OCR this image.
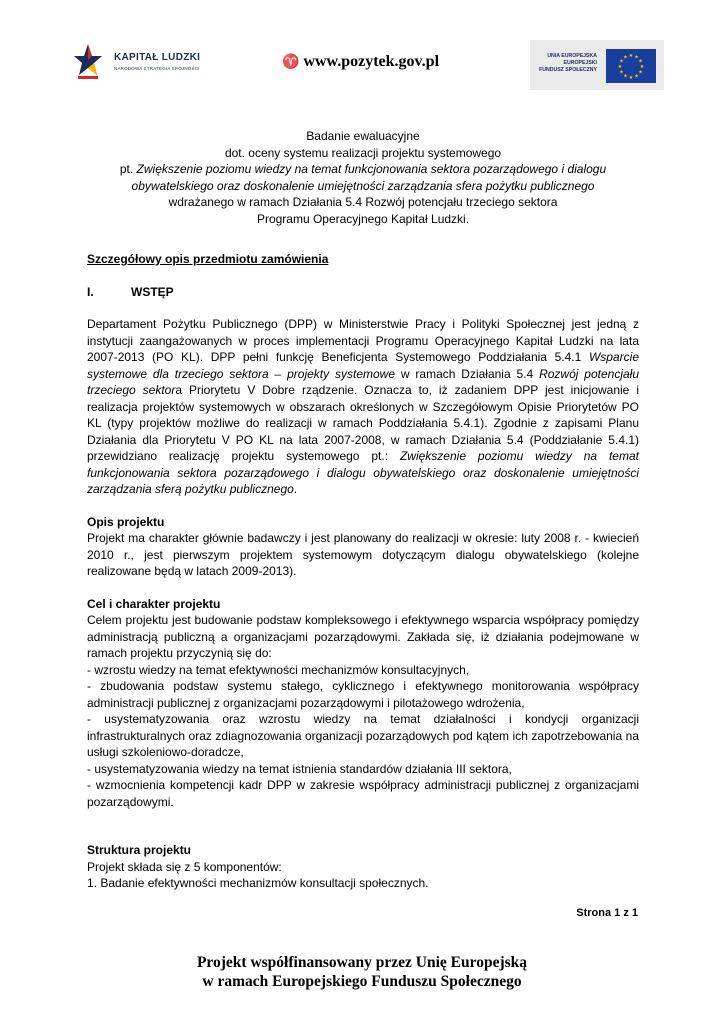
KAPITAŁ LUDZKI
NARODOWA STRATEGIA SPÓJNOŚCI	♈ www.pozytek.gov.pl	UNIA EUROPEJSKA
EUROPEJSKI
FUNDUSZ SPOŁECZNY
★ ★
★
★
★
★
★
★
★
★
★
★

Badanie ewaluacyjne

dot. oceny systemu realizacji projektu systemowego

pt. Zwiększenie poziomu wiedzy na temat funkcjonowania sektora pozarządowego i dialogu obywatelskiego oraz doskonalenie umiejętności zarządzania sfera pożytku publicznego

wdrażanego w ramach Działania 5.4 Rozwój potencjału trzeciego sektora

Programu Operacyjnego Kapitał Ludzki.

Szczegółowy opis przedmiotu zamówienia

I.	WSTĘP

Departament Pożytku Publicznego (DPP) w Ministerstwie Pracy i Polityki Społecznej jest jedną z instytucji zaangażowanych w proces implementacji Programu Operacyjnego Kapitał Ludzki na lata 2007-2013 (PO KL). DPP pełni funkcję Beneficjenta Systemowego Poddziałania 5.4.1 Wsparcie systemowe dla trzeciego sektora – projekty systemowe w ramach Działania 5.4 Rozwój potencjału trzeciego sektora Priorytetu V Dobre rządzenie. Oznacza to, iż zadaniem DPP jest inicjowanie i realizacja projektów systemowych w obszarach określonych w Szczegółowym Opisie Priorytetów PO KL (typy projektów możliwe do realizacji w ramach Poddziałania 5.4.1). Zgodnie z zapisami Planu Działania dla Priorytetu V PO KL na lata 2007-2008, w ramach Działania 5.4 (Poddziałanie 5.4.1) przewidziano realizację projektu systemowego pt.: Zwiększenie poziomu wiedzy na temat funkcjonowania sektora pozarządowego i dialogu obywatelskiego oraz doskonalenie umiejętności zarządzania sferą pożytku publicznego.

Opis projektu

Projekt ma charakter głównie badawczy i jest planowany do realizacji w okresie: luty 2008 r. - kwiecień 2010 r., jest pierwszym projektem systemowym dotyczącym dialogu obywatelskiego (kolejne realizowane będą w latach 2009-2013).

Cel i charakter projektu

Celem projektu jest budowanie podstaw kompleksowego i efektywnego wsparcia współpracy pomiędzy administracją publiczną a organizacjami pozarządowymi. Zakłada się, iż działania podejmowane w ramach projektu przyczynią się do:

- wzrostu wiedzy na temat efektywności mechanizmów konsultacyjnych,

- zbudowania podstaw systemu stałego, cyklicznego i efektywnego monitorowania współpracy administracji publicznej z organizacjami pozarządowymi i pilotażowego wdrożenia,

- usystematyzowania oraz wzrostu wiedzy na temat działalności i kondycji organizacji infrastrukturalnych oraz zdiagnozowania organizacji pozarządowych pod kątem ich zapotrzebowania na usługi szkoleniowo-doradcze,

- usystematyzowania wiedzy na temat istnienia standardów działania III sektora,

- wzmocnienia kompetencji kadr DPP w zakresie współpracy administracji publicznej z organizacjami pozarządowymi.

Struktura projektu

Projekt składa się z 5 komponentów:

1. Badanie efektywności mechanizmów konsultacji społecznych.

Strona 1 z 1
Projekt współfinansowany przez Unię Europejską
w ramach Europejskiego Funduszu Społecznego
